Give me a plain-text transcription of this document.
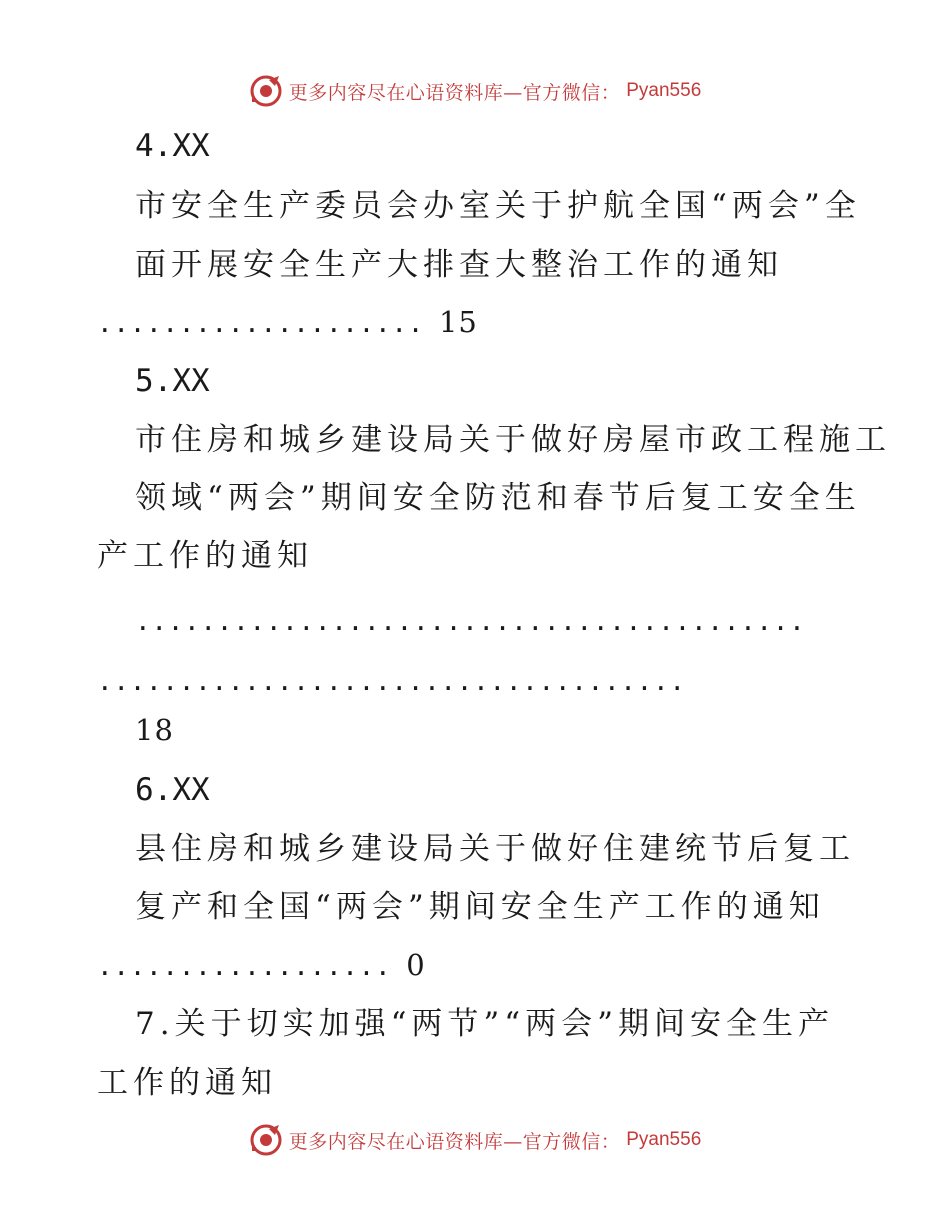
更多内容尽在心语资料库—官方微信： Pyan556
4.XX
市安全生产委员会办室关于护航全国“两会”全
面开展安全生产大排查大整治工作的通知
.................... 15
5.XX
市住房和城乡建设局关于做好房屋市政工程施工
领域“两会”期间安全防范和春节后复工安全生
产工作的通知
.........................................
....................................
18
6.XX
县住房和城乡建设局关于做好住建统节后复工
复产和全国“两会”期间安全生产工作的通知
.................. 0
7.关于切实加强“两节”“两会”期间安全生产
工作的通知
更多内容尽在心语资料库—官方微信： Pyan556
